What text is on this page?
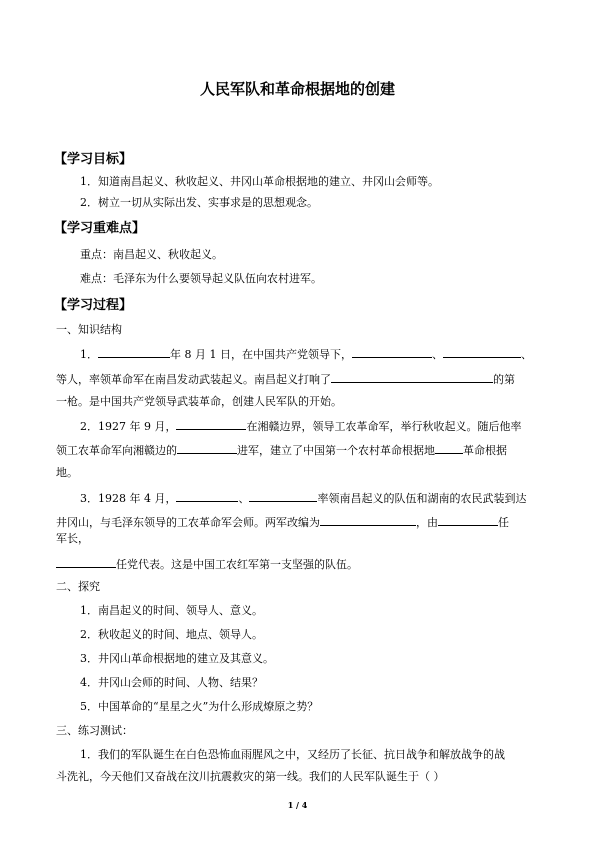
人民军队和革命根据地的创建
【学习目标】
1．知道南昌起义、秋收起义、井冈山革命根据地的建立、井冈山会师等。
2．树立一切从实际出发、实事求是的思想观念。
【学习重难点】
重点：南昌起义、秋收起义。
难点：毛泽东为什么要领导起义队伍向农村进军。
【学习过程】
一、知识结构
1．	年 8 月 1 日，在中国共产党领导下，	、	、
等人，率领革命军在南昌发动武装起义。南昌起义打响了	的第
一枪。是中国共产党领导武装革命，创建人民军队的开始。
2．1927 年 9 月，	在湘赣边界，领导工农革命军，举行秋收起义。随后他率
领工农革命军向湘赣边的	进军，建立了中国第一个农村革命根据地	革命根据
地。
3．1928 年 4 月，	、	率领南昌起义的队伍和湖南的农民武装到达
井冈山，与毛泽东领导的工农革命军会师。两军改编为	，由	任
军长，
任党代表。这是中国工农红军第一支坚强的队伍。
二、探究
1．南昌起义的时间、领导人、意义。
2．秋收起义的时间、地点、领导人。
3．井冈山革命根据地的建立及其意义。
4．井冈山会师的时间、人物、结果？
5．中国革命的“星星之火”为什么形成燎原之势？
三、练习测试：
1．我们的军队诞生在白色恐怖血雨腥风之中，又经历了长征、抗日战争和解放战争的战
斗洗礼，今天他们又奋战在汶川抗震救灾的第一线。我们的人民军队诞生于（ ）
1 / 4
